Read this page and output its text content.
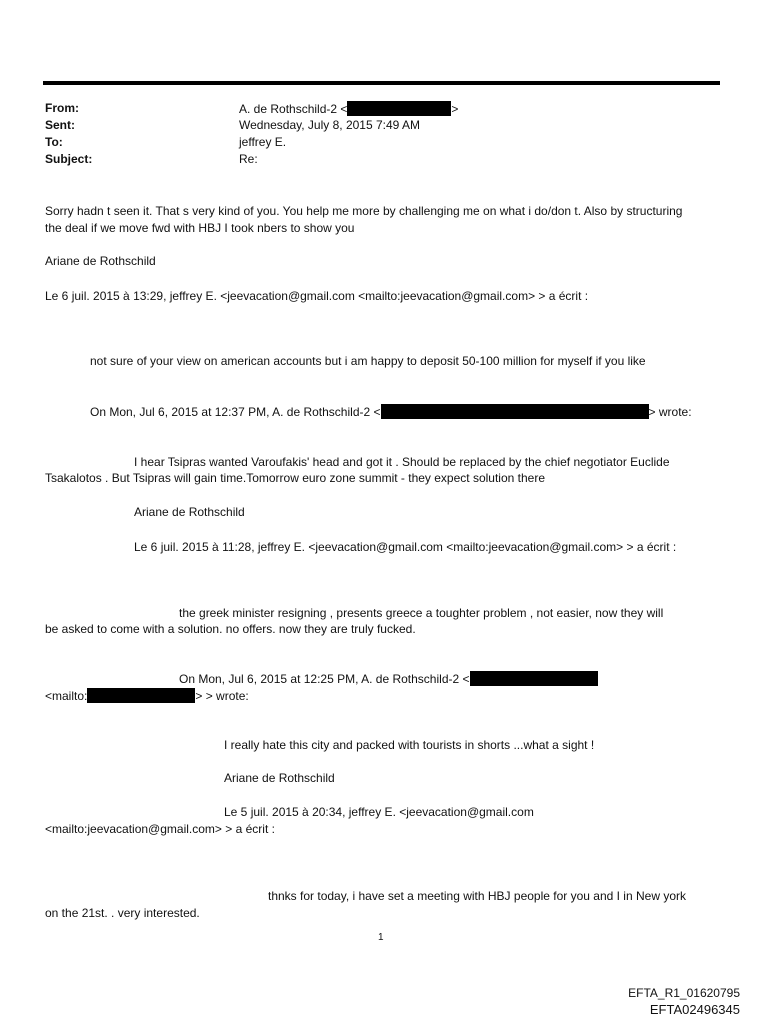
From:	A. de Rothschild-2 <	>
Sent:	Wednesday, July 8, 2015 7:49 AM
To:	jeffrey E.
Subject:	Re:
Sorry hadn t seen it. That s very kind of you. You help me more by challenging me on what i do/don t. Also by structuring
the deal if we move fwd with HBJ I took nbers to show you
Ariane de Rothschild
Le 6 juil. 2015 à 13:29, jeffrey E. <jeevacation@gmail.com <mailto:jeevacation@gmail.com> > a écrit :
not sure of your view on american accounts but i am happy to deposit 50-100 million for myself if you like
On Mon, Jul 6, 2015 at 12:37 PM, A. de Rothschild-2 <	> wrote:
I hear Tsipras wanted Varoufakis' head and got it . Should be replaced by the chief negotiator Euclide
Tsakalotos . But Tsipras will gain time.Tomorrow euro zone summit - they expect solution there
Ariane de Rothschild
Le 6 juil. 2015 à 11:28, jeffrey E. <jeevacation@gmail.com <mailto:jeevacation@gmail.com> > a écrit :
the greek minister resigning , presents greece a toughter problem , not easier, now they will
be asked to come with a solution. no offers. now they are truly fucked.
On Mon, Jul 6, 2015 at 12:25 PM, A. de Rothschild-2 <
<mailto:	> > wrote:
I really hate this city and packed with tourists in shorts ...what a sight !
Ariane de Rothschild
Le 5 juil. 2015 à 20:34, jeffrey E. <jeevacation@gmail.com
<mailto:jeevacation@gmail.com> > a écrit :
thnks for today, i have set a meeting with HBJ people for you and I in New york
on the 21st. . very interested.
1
EFTA_R1_01620795
EFTA02496345
